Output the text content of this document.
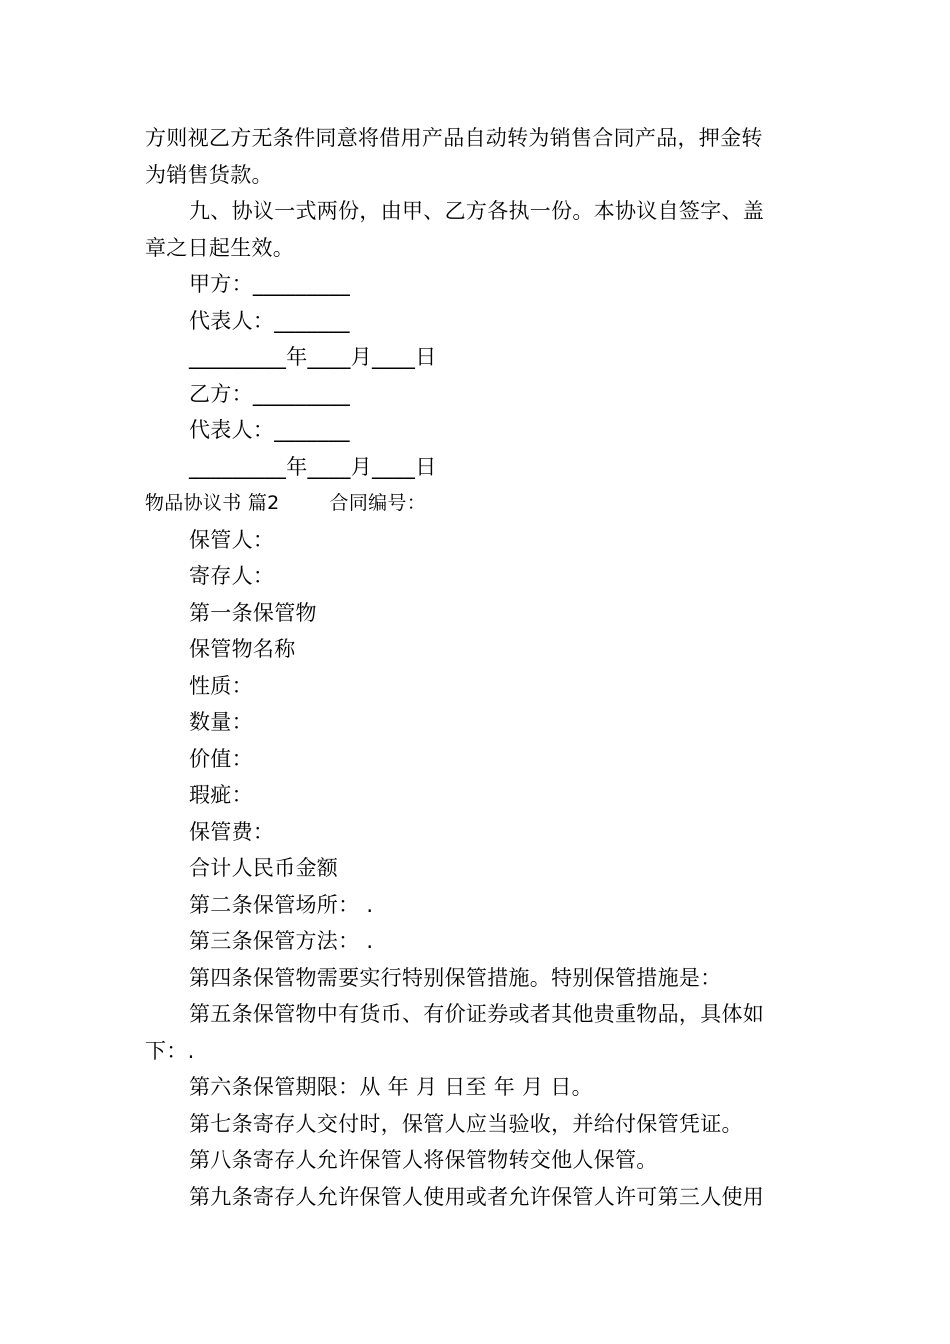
方则视乙方无条件同意将借用产品自动转为销售合同产品，押金转
为销售货款。
九、协议一式两份，由甲、乙方各执一份。本协议自签字、盖
章之日起生效。
甲方：_________
代表人：_______
_________年____月____日
乙方：_________
代表人：_______
_________年____月____日
物品协议书 篇2	合同编号：
保管人：
寄存人：
第一条保管物
保管物名称
性质：
数量：
价值：
瑕疵：
保管费：
合计人民币金额
第二条保管场所： .
第三条保管方法： .
第四条保管物需要实行特别保管措施。特别保管措施是：
第五条保管物中有货币、有价证券或者其他贵重物品，具体如
下：.
第六条保管期限：从 年 月 日至 年 月 日。
第七条寄存人交付时，保管人应当验收，并给付保管凭证。
第八条寄存人允许保管人将保管物转交他人保管。
第九条寄存人允许保管人使用或者允许保管人许可第三人使用
